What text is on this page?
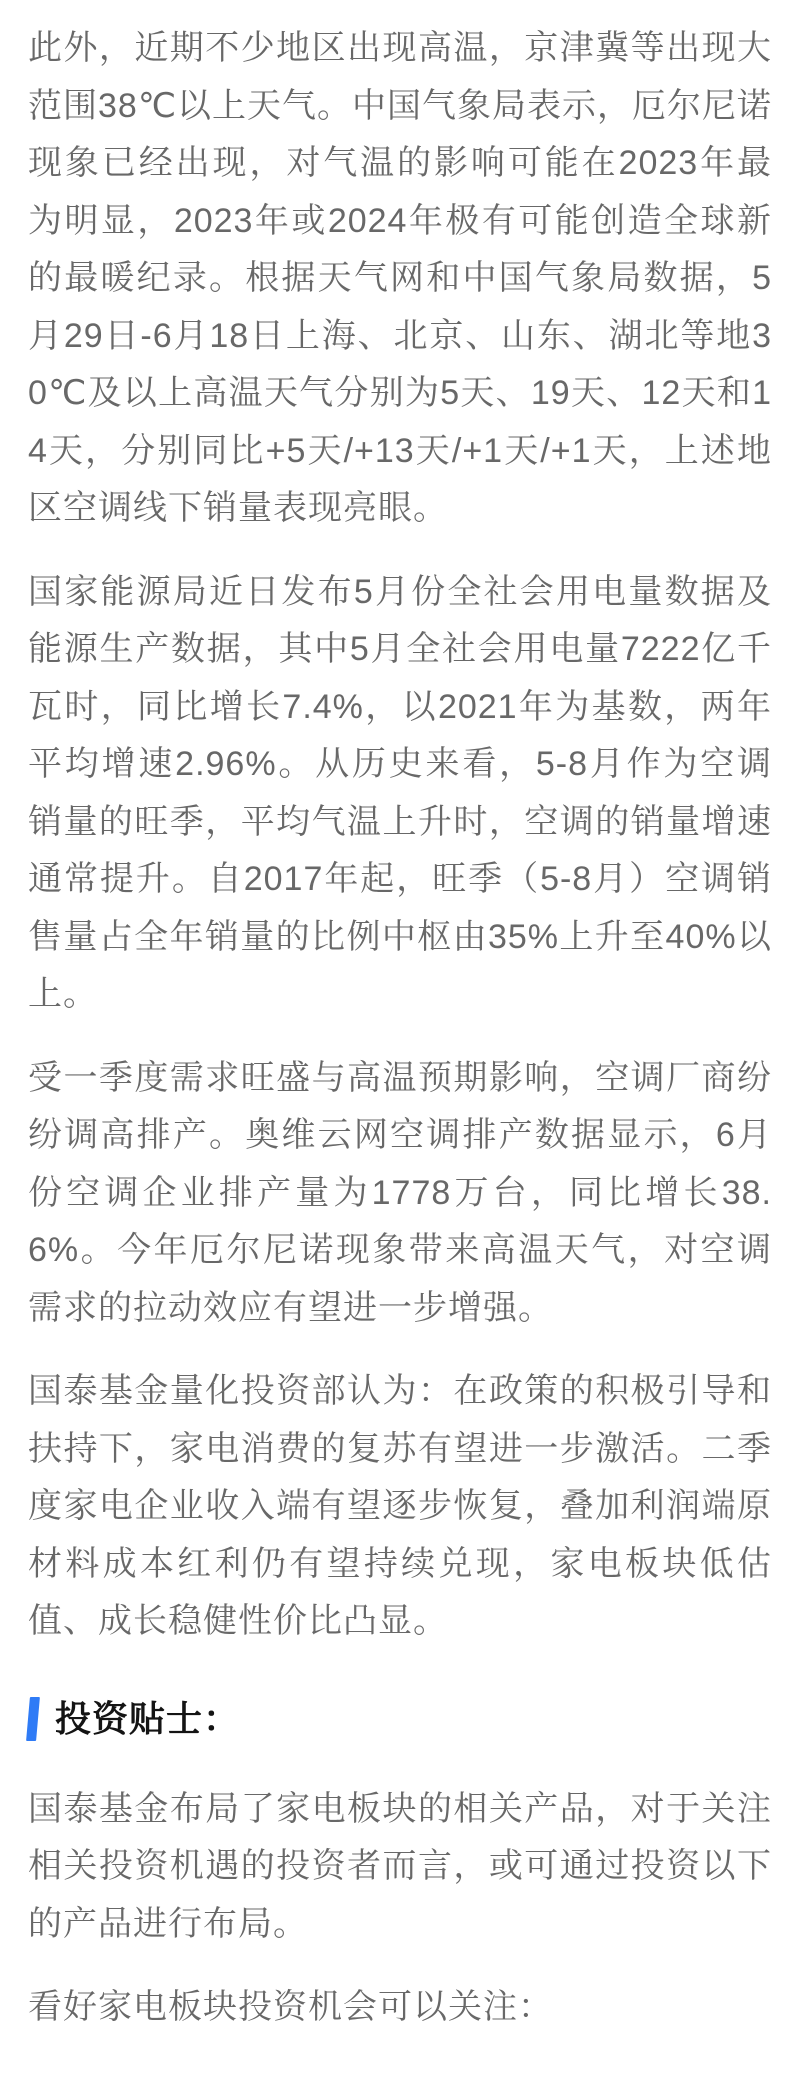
此外，近期不少地区出现高温，京津冀等出现大范围38℃以上天气。中国气象局表示，厄尔尼诺现象已经出现，对气温的影响可能在2023年最为明显，2023年或2024年极有可能创造全球新的最暖纪录。根据天气网和中国气象局数据，5月29日-6月18日上海、北京、山东、湖北等地30℃及以上高温天气分别为5天、19天、12天和14天，分别同比+5天/+13天/+1天/+1天，上述地区空调线下销量表现亮眼。

国家能源局近日发布5月份全社会用电量数据及能源生产数据，其中5月全社会用电量7222亿千瓦时，同比增长7.4%，以2021年为基数，两年平均增速2.96%。从历史来看，5-8月作为空调销量的旺季，平均气温上升时，空调的销量增速通常提升。自2017年起，旺季（5-8月）空调销售量占全年销量的比例中枢由35%上升至40%以上。

受一季度需求旺盛与高温预期影响，空调厂商纷纷调高排产。奥维云网空调排产数据显示，6月份空调企业排产量为1778万台，同比增长38.6%。今年厄尔尼诺现象带来高温天气，对空调需求的拉动效应有望进一步增强。

国泰基金量化投资部认为：在政策的积极引导和扶持下，家电消费的复苏有望进一步激活。二季度家电企业收入端有望逐步恢复，叠加利润端原材料成本红利仍有望持续兑现，家电板块低估值、成长稳健性价比凸显。

投资贴士：

国泰基金布局了家电板块的相关产品，对于关注相关投资机遇的投资者而言，或可通过投资以下的产品进行布局。

看好家电板块投资机会可以关注：
